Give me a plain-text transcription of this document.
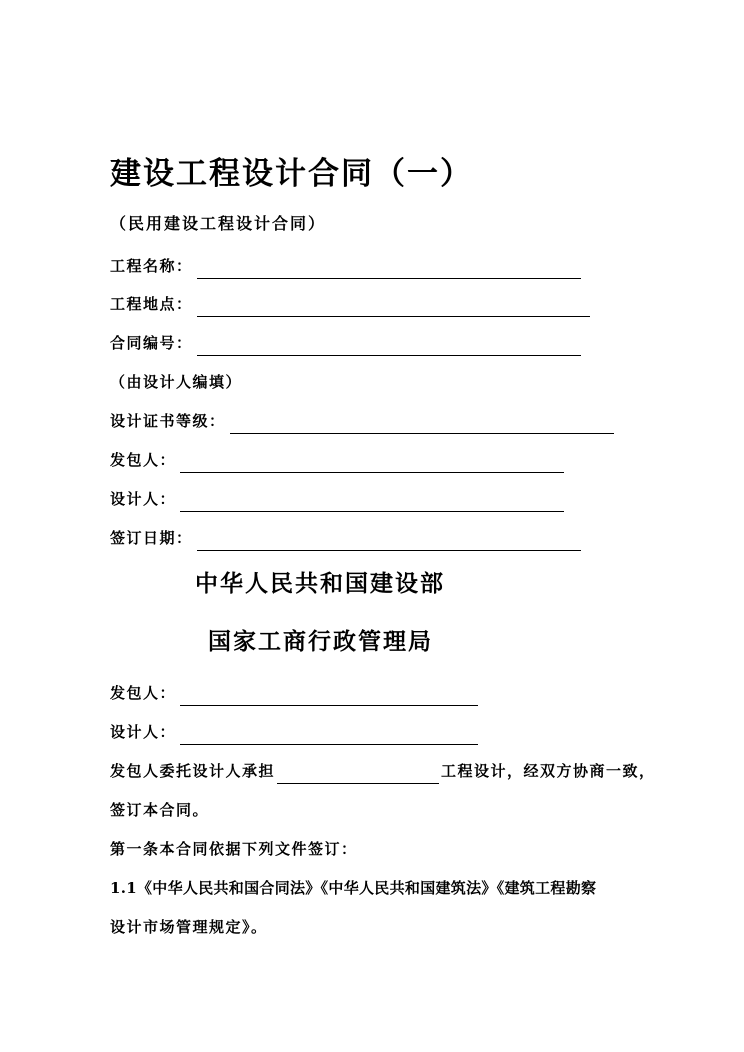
建设工程设计合同（一）
（民用建设工程设计合同）
工程名称：
工程地点：
合同编号：
（由设计人编填）
设计证书等级：
发包人：
设计人：
签订日期：
中华人民共和国建设部
国家工商行政管理局
发包人：
设计人：
发包人委托设计人承担	工程设计，经双方协商一致，
签订本合同。
第一条本合同依据下列文件签订：
1.1《中华人民共和国合同法》《中华人民共和国建筑法》《建筑工程勘察
设计市场管理规定》。
